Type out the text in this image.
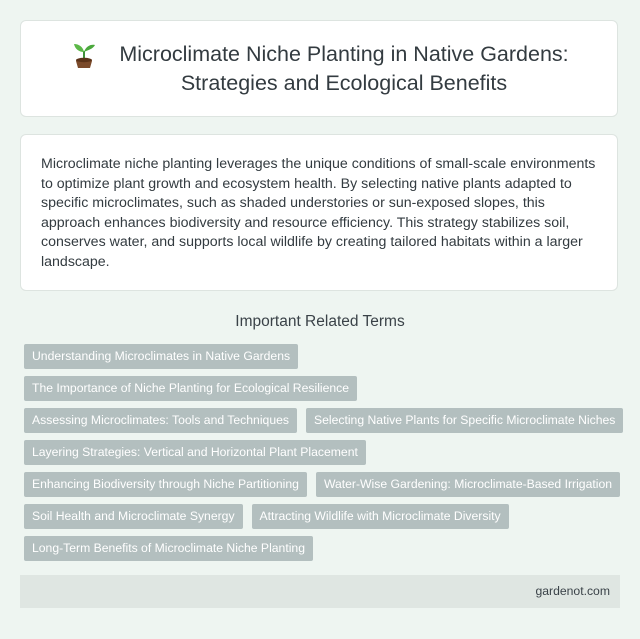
Microclimate Niche Planting in Native Gardens:
Strategies and Ecological Benefits

Microclimate niche planting leverages the unique conditions of small-scale environments to optimize plant growth and ecosystem health. By selecting native plants adapted to specific microclimates, such as shaded understories or sun-exposed slopes, this approach enhances biodiversity and resource efficiency. This strategy stabilizes soil, conserves water, and supports local wildlife by creating tailored habitats within a larger landscape.

Important Related Terms
Understanding Microclimates in Native Gardens
The Importance of Niche Planting for Ecological Resilience
Assessing Microclimates: Tools and Techniques	Selecting Native Plants for Specific Microclimate Niches
Layering Strategies: Vertical and Horizontal Plant Placement
Enhancing Biodiversity through Niche Partitioning	Water-Wise Gardening: Microclimate-Based Irrigation
Soil Health and Microclimate Synergy	Attracting Wildlife with Microclimate Diversity
Long-Term Benefits of Microclimate Niche Planting
gardenot.com
